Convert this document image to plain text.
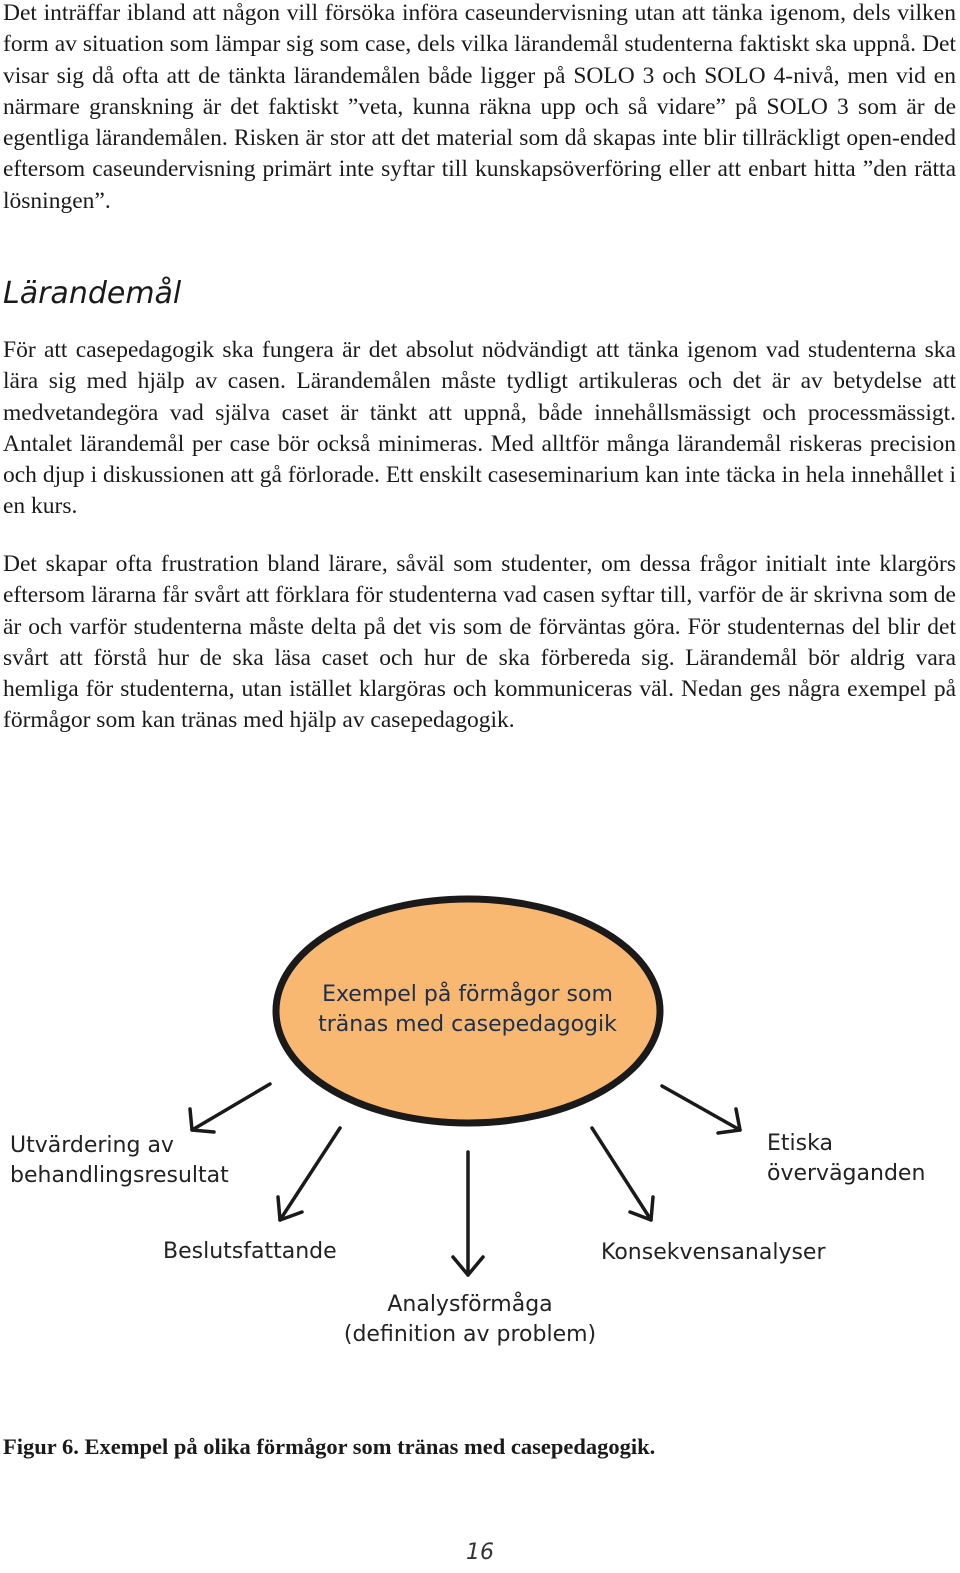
Det inträffar ibland att någon vill försöka införa caseundervisning utan att tänka igenom, dels vilken form av situation som lämpar sig som case, dels vilka lärandemål studenterna faktiskt ska uppnå. Det visar sig då ofta att de tänkta lärandemålen både ligger på SOLO 3 och SOLO 4-nivå, men vid en närmare granskning är det faktiskt ”veta, kunna räkna upp och så vidare” på SOLO 3 som är de egentliga lärandemålen. Risken är stor att det material som då skapas inte blir tillräckligt open-ended eftersom caseundervisning primärt inte syftar till kunskapsöverföring eller att enbart hitta ”den rätta lösningen”.

Lärandemål

För att casepedagogik ska fungera är det absolut nödvändigt att tänka igenom vad studenterna ska lära sig med hjälp av casen. Lärandemålen måste tydligt artikuleras och det är av betydelse att medvetandegöra vad själva caset är tänkt att uppnå, både innehållsmässigt och processmässigt. Antalet lärandemål per case bör också minimeras. Med alltför många lärandemål riskeras precision och djup i diskussionen att gå förlorade. Ett enskilt caseseminarium kan inte täcka in hela innehållet i en kurs.

Det skapar ofta frustration bland lärare, såväl som studenter, om dessa frågor initialt inte klargörs eftersom lärarna får svårt att förklara för studenterna vad casen syftar till, varför de är skrivna som de är och varför studenterna måste delta på det vis som de förväntas göra. För studenternas del blir det svårt att förstå hur de ska läsa caset och hur de ska förbereda sig. Lärandemål bör aldrig vara hemliga för studenterna, utan istället klargöras och kommuniceras väl. Nedan ges några exempel på förmågor som kan tränas med hjälp av casepedagogik.

Exempel på förmågor som
tränas med casepedagogik
Utvärdering av
behandlingsresultat
Etiska
överväganden
Beslutsfattande	Konsekvensanalyser
Analysförmåga
(definition av problem)

Figur 6. Exempel på olika förmågor som tränas med casepedagogik.

16
